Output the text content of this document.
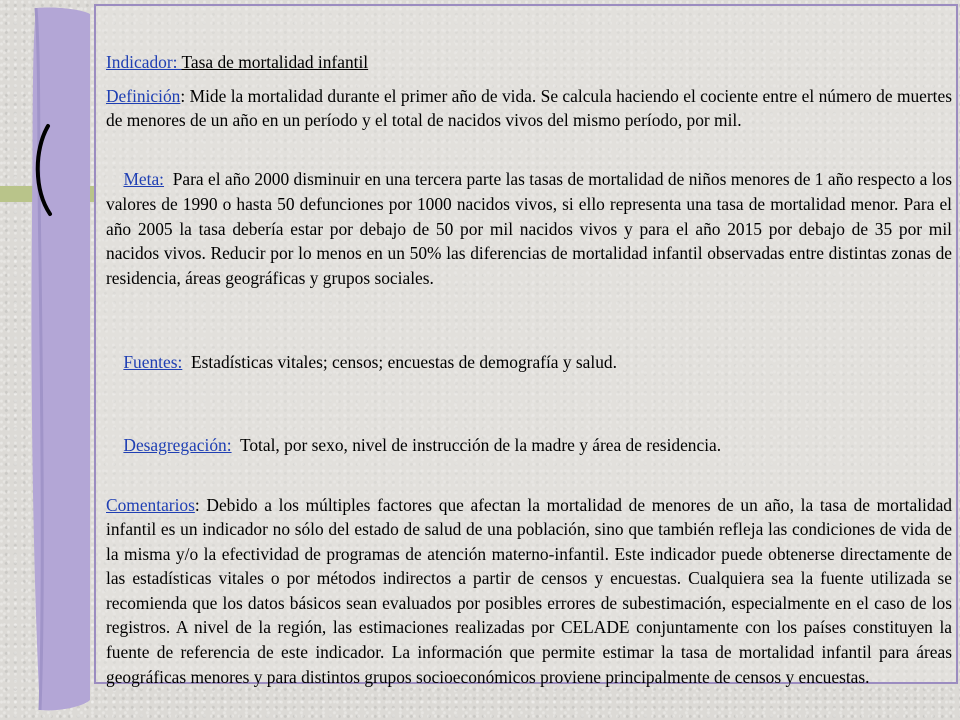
Indicador: Tasa de mortalidad infantil

Definición: Mide la mortalidad durante el primer año de vida. Se calcula haciendo el cociente entre el número de muertes de menores de un año en un período y el total de nacidos vivos del mismo período, por mil.

Meta:  Para el año 2000 disminuir en una tercera parte las tasas de mortalidad de niños menores de 1 año respecto a los valores de 1990 o hasta 50 defunciones por 1000 nacidos vivos, si ello representa una tasa de mortalidad menor. Para el año 2005 la tasa debería estar por debajo de 50 por mil nacidos vivos y para el año 2015 por debajo de 35 por mil nacidos vivos. Reducir por lo menos en un 50% las diferencias de mortalidad infantil observadas entre distintas zonas de residencia, áreas geográficas y grupos sociales.

Fuentes:  Estadísticas vitales; censos; encuestas de demografía y salud.

Desagregación:  Total, por sexo, nivel de instrucción de la madre y área de residencia.

Comentarios: Debido a los múltiples factores que afectan la mortalidad de menores de un año, la tasa de mortalidad infantil es un indicador no sólo del estado de salud de una población, sino que también refleja las condiciones de vida de la misma y/o la efectividad de programas de atención materno-infantil. Este indicador puede obtenerse directamente de las estadísticas vitales o por métodos indirectos a partir de censos y encuestas. Cualquiera sea la fuente utilizada se recomienda que los datos básicos sean evaluados por posibles errores de subestimación, especialmente en el caso de los registros. A nivel de la región, las estimaciones realizadas por CELADE conjuntamente con los países constituyen la fuente de referencia de este indicador. La información que permite estimar la tasa de mortalidad infantil para áreas geográficas menores y para distintos grupos socioeconómicos proviene principalmente de censos y encuestas.
